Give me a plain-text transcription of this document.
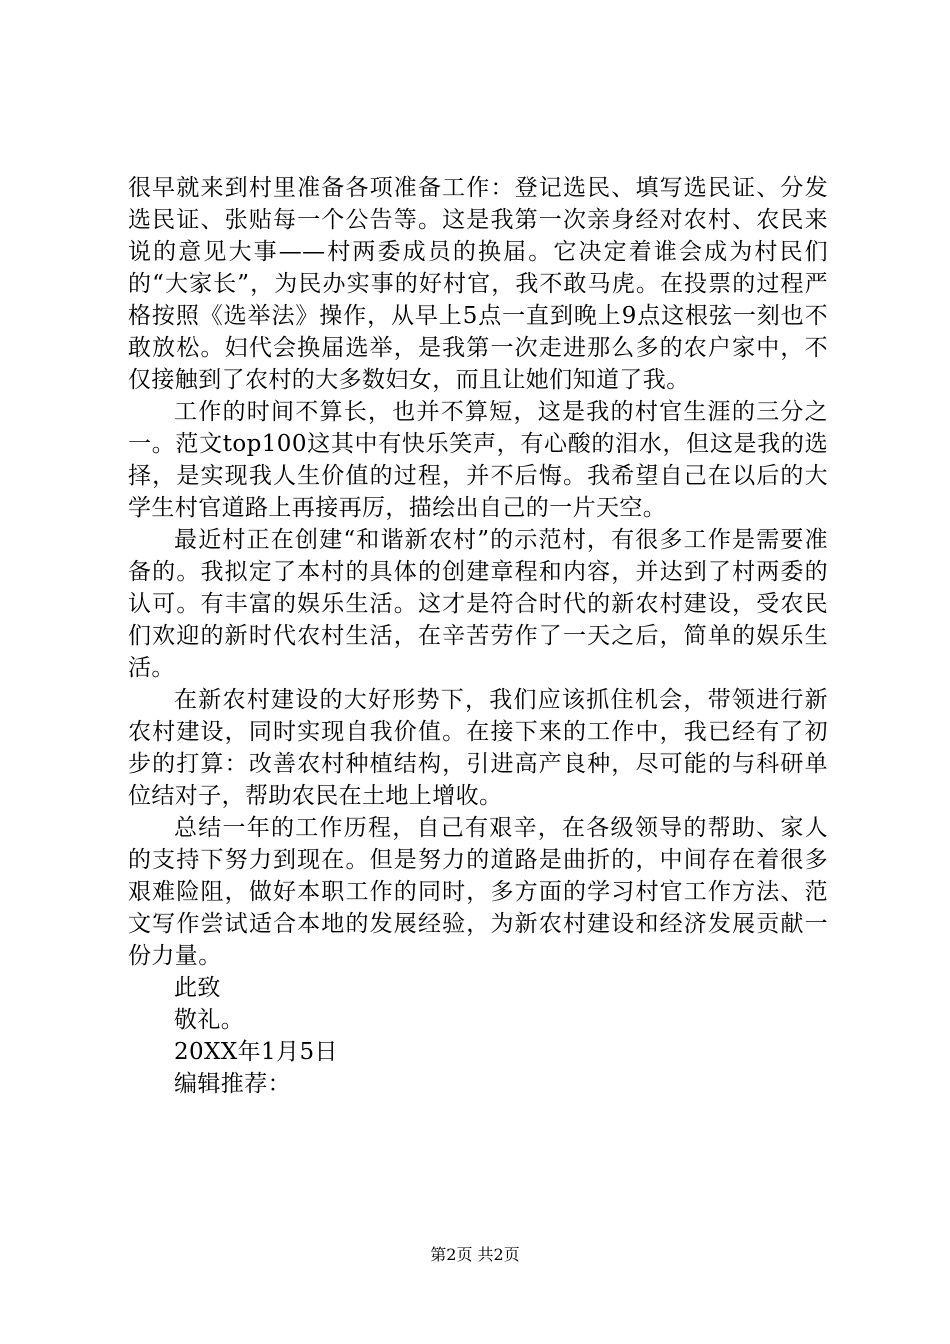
很早就来到村里准备各项准备工作：登记选民、填写选民证、分发选民证、张贴每一个公告等。这是我第一次亲身经对农村、农民来说的意见大事——村两委成员的换届。它决定着谁会成为村民们的“大家长”，为民办实事的好村官，我不敢马虎。在投票的过程严格按照《选举法》操作，从早上5点一直到晚上9点这根弦一刻也不敢放松。妇代会换届选举，是我第一次走进那么多的农户家中，不仅接触到了农村的大多数妇女，而且让她们知道了我。

工作的时间不算长，也并不算短，这是我的村官生涯的三分之一。范文top100这其中有快乐笑声，有心酸的泪水，但这是我的选择，是实现我人生价值的过程，并不后悔。我希望自己在以后的大学生村官道路上再接再厉，描绘出自己的一片天空。

最近村正在创建“和谐新农村”的示范村，有很多工作是需要准备的。我拟定了本村的具体的创建章程和内容，并达到了村两委的认可。有丰富的娱乐生活。这才是符合时代的新农村建设，受农民们欢迎的新时代农村生活，在辛苦劳作了一天之后，简单的娱乐生活。

在新农村建设的大好形势下，我们应该抓住机会，带领进行新农村建设，同时实现自我价值。在接下来的工作中，我已经有了初步的打算：改善农村种植结构，引进高产良种，尽可能的与科研单位结对子，帮助农民在土地上增收。

总结一年的工作历程，自己有艰辛，在各级领导的帮助、家人的支持下努力到现在。但是努力的道路是曲折的，中间存在着很多艰难险阻，做好本职工作的同时，多方面的学习村官工作方法、范文写作尝试适合本地的发展经验，为新农村建设和经济发展贡献一份力量。

此致

敬礼。

20XX年1月5日

编辑推荐：

第2页 共2页
